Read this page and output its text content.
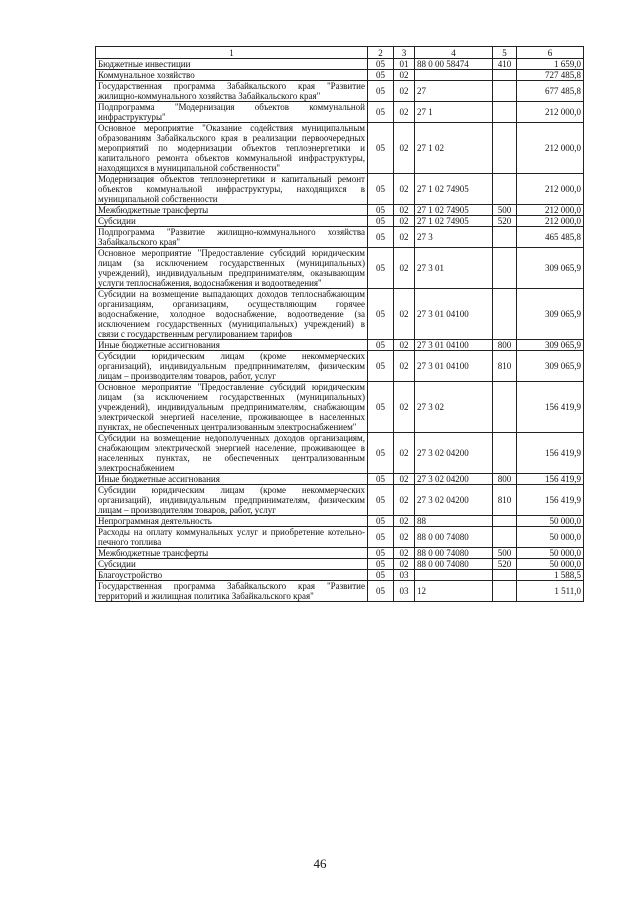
1	2	3	4	5	6
Бюджетные инвестиции	05	01	88 0 00 58474	410	1 659,0
Коммунальное хозяйство	05	02			727 485,8
Государственная программа Забайкальского края "Развитие жилищно-коммунального хозяйства Забайкальского края"	05	02	27		677 485,8
Подпрограмма "Модернизация объектов коммунальной инфраструктуры"	05	02	27 1		212 000,0
Основное мероприятие "Оказание содействия муниципальным образованиям Забайкальского края в реализации первоочередных мероприятий по модернизации объектов теплоэнергетики и капитального ремонта объектов коммунальной инфраструктуры, находящихся в муниципальной собственности"	05	02	27 1 02		212 000,0
Модернизация объектов теплоэнергетики и капитальный ремонт объектов коммунальной инфраструктуры, находящихся в муниципальной собственности	05	02	27 1 02 74905		212 000,0
Межбюджетные трансферты	05	02	27 1 02 74905	500	212 000,0
Субсидии	05	02	27 1 02 74905	520	212 000,0
Подпрограмма "Развитие жилищно-коммунального хозяйства Забайкальского края"	05	02	27 3		465 485,8
Основное мероприятие "Предоставление субсидий юридическим лицам (за исключением государственных (муниципальных) учреждений), индивидуальным предпринимателям, оказывающим услуги теплоснабжения, водоснабжения и водоотведения"	05	02	27 3 01		309 065,9
Субсидии на возмещение выпадающих доходов теплоснабжающим организациям, организациям, осуществляющим горячее водоснабжение, холодное водоснабжение, водоотведение (за исключением государственных (муниципальных) учреждений) в связи с государственным регулированием тарифов	05	02	27 3 01 04100		309 065,9
Иные бюджетные ассигнования	05	02	27 3 01 04100	800	309 065,9
Субсидии юридическим лицам (кроме некоммерческих организаций), индивидуальным предпринимателям, физическим лицам – производителям товаров, работ, услуг	05	02	27 3 01 04100	810	309 065,9
Основное мероприятие "Предоставление субсидий юридическим лицам (за исключением государственных (муниципальных) учреждений), индивидуальным предпринимателям, снабжающим электрической энергией население, проживающее в населенных пунктах, не обеспеченных централизованным электроснабжением"	05	02	27 3 02		156 419,9
Субсидии на возмещение недополученных доходов организациям, снабжающим электрической энергией население, проживающее в населенных пунктах, не обеспеченных централизованным электроснабжением	05	02	27 3 02 04200		156 419,9
Иные бюджетные ассигнования	05	02	27 3 02 04200	800	156 419,9
Субсидии юридическим лицам (кроме некоммерческих организаций), индивидуальным предпринимателям, физическим лицам – производителям товаров, работ, услуг	05	02	27 3 02 04200	810	156 419,9
Непрограммная деятельность	05	02	88		50 000,0
Расходы на оплату коммунальных услуг и приобретение котельно-печного топлива	05	02	88 0 00 74080		50 000,0
Межбюджетные трансферты	05	02	88 0 00 74080	500	50 000,0
Субсидии	05	02	88 0 00 74080	520	50 000,0
Благоустройство	05	03			1 588,5
Государственная программа Забайкальского края "Развитие территорий и жилищная политика Забайкальского края"	05	03	12		1 511,0
46
